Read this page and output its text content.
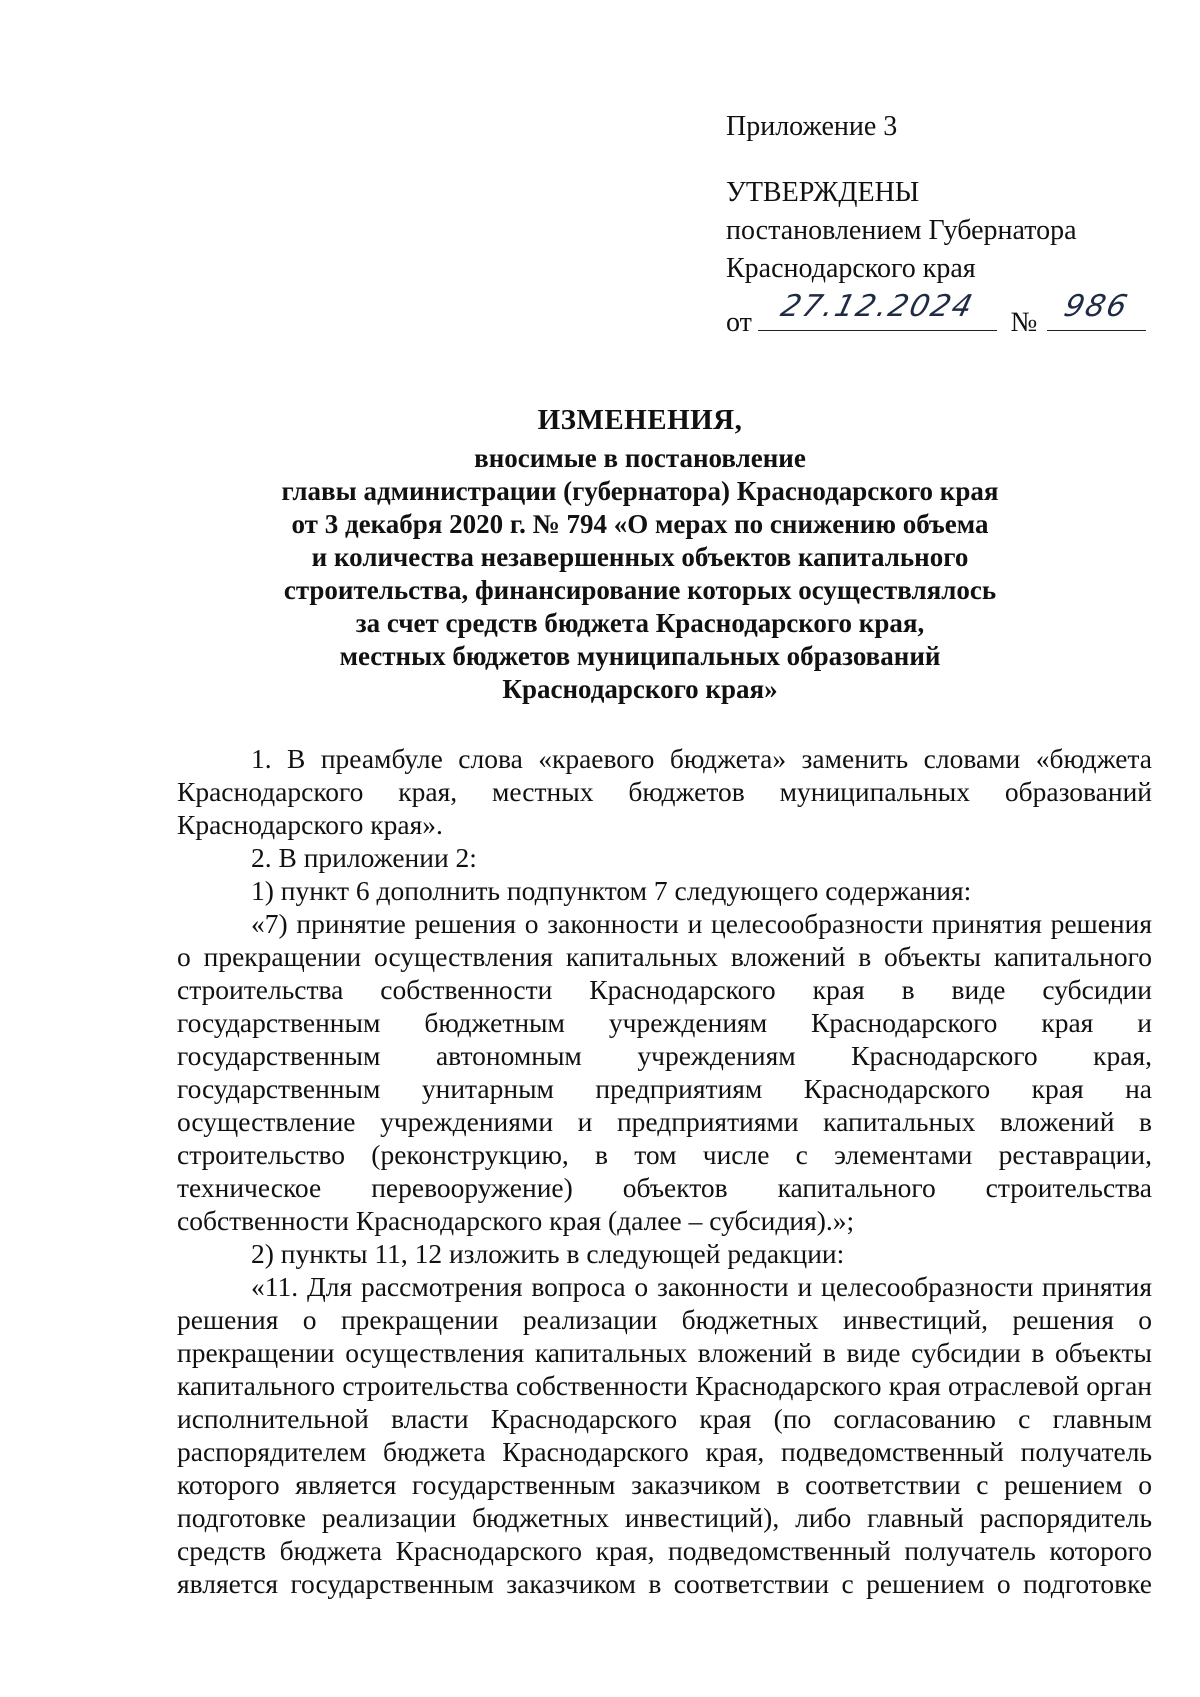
Приложение 3
УТВЕРЖДЕНЫ
постановлением Губернатора
Краснодарского края
от 27.12.2024	№ 986
ИЗМЕНЕНИЯ,
вносимые в постановление
главы администрации (губернатора) Краснодарского края
от 3 декабря 2020 г. № 794 «О мерах по снижению объема
и количества незавершенных объектов капитального
строительства, финансирование которых осуществлялось
за счет средств бюджета Краснодарского края,
местных бюджетов муниципальных образований
Краснодарского края»

1. В преамбуле слова «краевого бюджета» заменить словами «бюджета Краснодарского края, местных бюджетов муниципальных образований Краснодарского края».

2. В приложении 2:

1) пункт 6 дополнить подпунктом 7 следующего содержания:

«7) принятие решения о законности и целесообразности принятия решения о прекращении осуществления капитальных вложений в объекты капитального строительства собственности Краснодарского края в виде субсидии государственным бюджетным учреждениям Краснодарского края и государственным автономным учреждениям Краснодарского края, государственным унитарным предприятиям Краснодарского края на осуществление учреждениями и предприятиями капитальных вложений в строительство (реконструкцию, в том числе с элементами реставрации, техническое перевооружение) объектов капитального строительства собственности Краснодарского края (далее – субсидия).»;

2) пункты 11, 12 изложить в следующей редакции:

«11. Для рассмотрения вопроса о законности и целесообразности принятия решения о прекращении реализации бюджетных инвестиций, решения о прекращении осуществления капитальных вложений в виде субсидии в объекты капитального строительства собственности Краснодарского края отраслевой орган исполнительной власти Краснодарского края (по согласованию с главным распорядителем бюджета Краснодарского края, подведомственный получатель которого является государственным заказчиком в соответствии с решением о подготовке реализации бюджетных инвестиций), либо главный распорядитель средств бюджета Краснодарского края, подведомственный получатель которого является государственным заказчиком в соответствии с решением о подготовке
